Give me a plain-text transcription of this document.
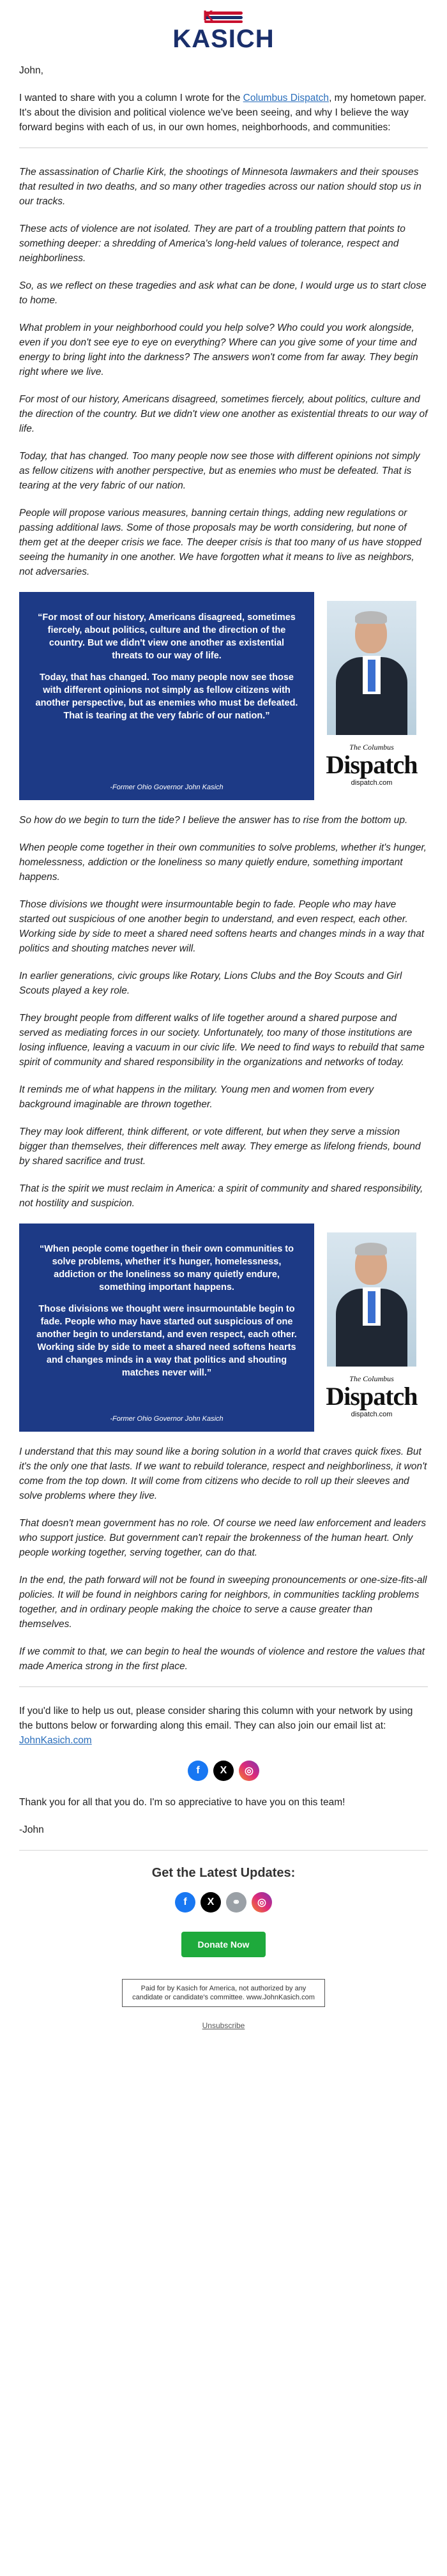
K
KASICH

John,

I wanted to share with you a column I wrote for the Columbus Dispatch, my hometown paper. It's about the division and political violence we've been seeing, and why I believe the way forward begins with each of us, in our own homes, neighborhoods, and communities:

The assassination of Charlie Kirk, the shootings of Minnesota lawmakers and their spouses that resulted in two deaths, and so many other tragedies across our nation should stop us in our tracks.

These acts of violence are not isolated. They are part of a troubling pattern that points to something deeper: a shredding of America's long-held values of tolerance, respect and neighborliness.

So, as we reflect on these tragedies and ask what can be done, I would urge us to start close to home.

What problem in your neighborhood could you help solve? Who could you work alongside, even if you don't see eye to eye on everything? Where can you give some of your time and energy to bring light into the darkness? The answers won't come from far away. They begin right where we live.

For most of our history, Americans disagreed, sometimes fiercely, about politics, culture and the direction of the country. But we didn't view one another as existential threats to our way of life.

Today, that has changed. Too many people now see those with different opinions not simply as fellow citizens with another perspective, but as enemies who must be defeated. That is tearing at the very fabric of our nation.

People will propose various measures, banning certain things, adding new regulations or passing additional laws. Some of those proposals may be worth considering, but none of them get at the deeper crisis we face. The deeper crisis is that too many of us have stopped seeing the humanity in one another. We have forgotten what it means to live as neighbors, not adversaries.

“For most of our history, Americans disagreed, sometimes fiercely, about politics, culture and the direction of the country. But we didn't view one another as existential threats to our way of life.
Today, that has changed. Too many people now see those with different opinions not simply as fellow citizens with another perspective, but as enemies who must be defeated. That is tearing at the very fabric of our nation.”
-Former Ohio Governor John Kasich
The Columbus
Dispatch
dispatch.com

So how do we begin to turn the tide? I believe the answer has to rise from the bottom up.

When people come together in their own communities to solve problems, whether it's hunger, homelessness, addiction or the loneliness so many quietly endure, something important happens.

Those divisions we thought were insurmountable begin to fade. People who may have started out suspicious of one another begin to understand, and even respect, each other. Working side by side to meet a shared need softens hearts and changes minds in a way that politics and shouting matches never will.

In earlier generations, civic groups like Rotary, Lions Clubs and the Boy Scouts and Girl Scouts played a key role.

They brought people from different walks of life together around a shared purpose and served as mediating forces in our society. Unfortunately, too many of those institutions are losing influence, leaving a vacuum in our civic life. We need to find ways to rebuild that same spirit of community and shared responsibility in the organizations and networks of today.

It reminds me of what happens in the military. Young men and women from every background imaginable are thrown together.

They may look different, think different, or vote different, but when they serve a mission bigger than themselves, their differences melt away. They emerge as lifelong friends, bound by shared sacrifice and trust.

That is the spirit we must reclaim in America: a spirit of community and shared responsibility, not hostility and suspicion.

“When people come together in their own communities to solve problems, whether it's hunger, homelessness, addiction or the loneliness so many quietly endure, something important happens.
Those divisions we thought were insurmountable begin to fade. People who may have started out suspicious of one another begin to understand, and even respect, each other. Working side by side to meet a shared need softens hearts and changes minds in a way that politics and shouting matches never will.”
-Former Ohio Governor John Kasich
The Columbus
Dispatch
dispatch.com

I understand that this may sound like a boring solution in a world that craves quick fixes. But it's the only one that lasts. If we want to rebuild tolerance, respect and neighborliness, it won't come from the top down. It will come from citizens who decide to roll up their sleeves and solve problems where they live.

That doesn't mean government has no role. Of course we need law enforcement and leaders who support justice. But government can't repair the brokenness of the human heart. Only people working together, serving together, can do that.

In the end, the path forward will not be found in sweeping pronouncements or one-size-fits-all policies. It will be found in neighbors caring for neighbors, in communities tackling problems together, and in ordinary people making the choice to serve a cause greater than themselves.

If we commit to that, we can begin to heal the wounds of violence and restore the values that made America strong in the first place.

If you'd like to help us out, please consider sharing this column with your network by using the buttons below or forwarding along this email. They can also join our email list at: JohnKasich.com

f	X	◎

Thank you for all that you do. I'm so appreciative to have you on this team!

-John

Get the Latest Updates:
f	X	⚭	◎
Donate Now
Paid for by Kasich for America, not authorized by any candidate or candidate's committee. www.JohnKasich.com
Unsubscribe
